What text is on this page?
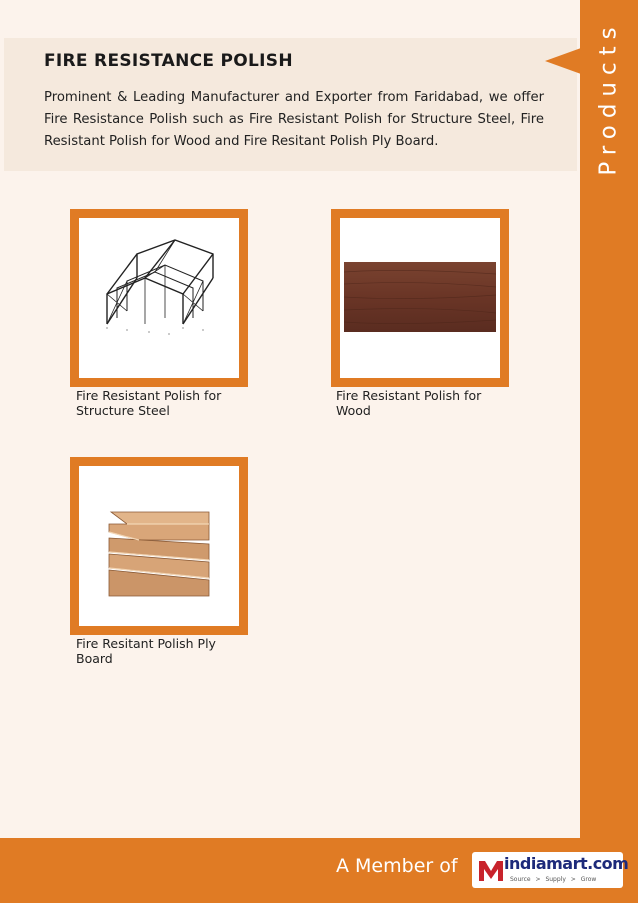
FIRE RESISTANCE POLISH

Prominent & Leading Manufacturer and Exporter from Faridabad, we offer Fire Resistance Polish such as Fire Resistant Polish for Structure Steel, Fire Resistant Polish for Wood and Fire Resitant Polish Ply Board.	Products

Fire Resistant Polish for Structure Steel

Fire Resistant Polish for Wood

Fire Resitant Polish Ply Board

A Member of	indiamart.com
Source > Supply > Grow
